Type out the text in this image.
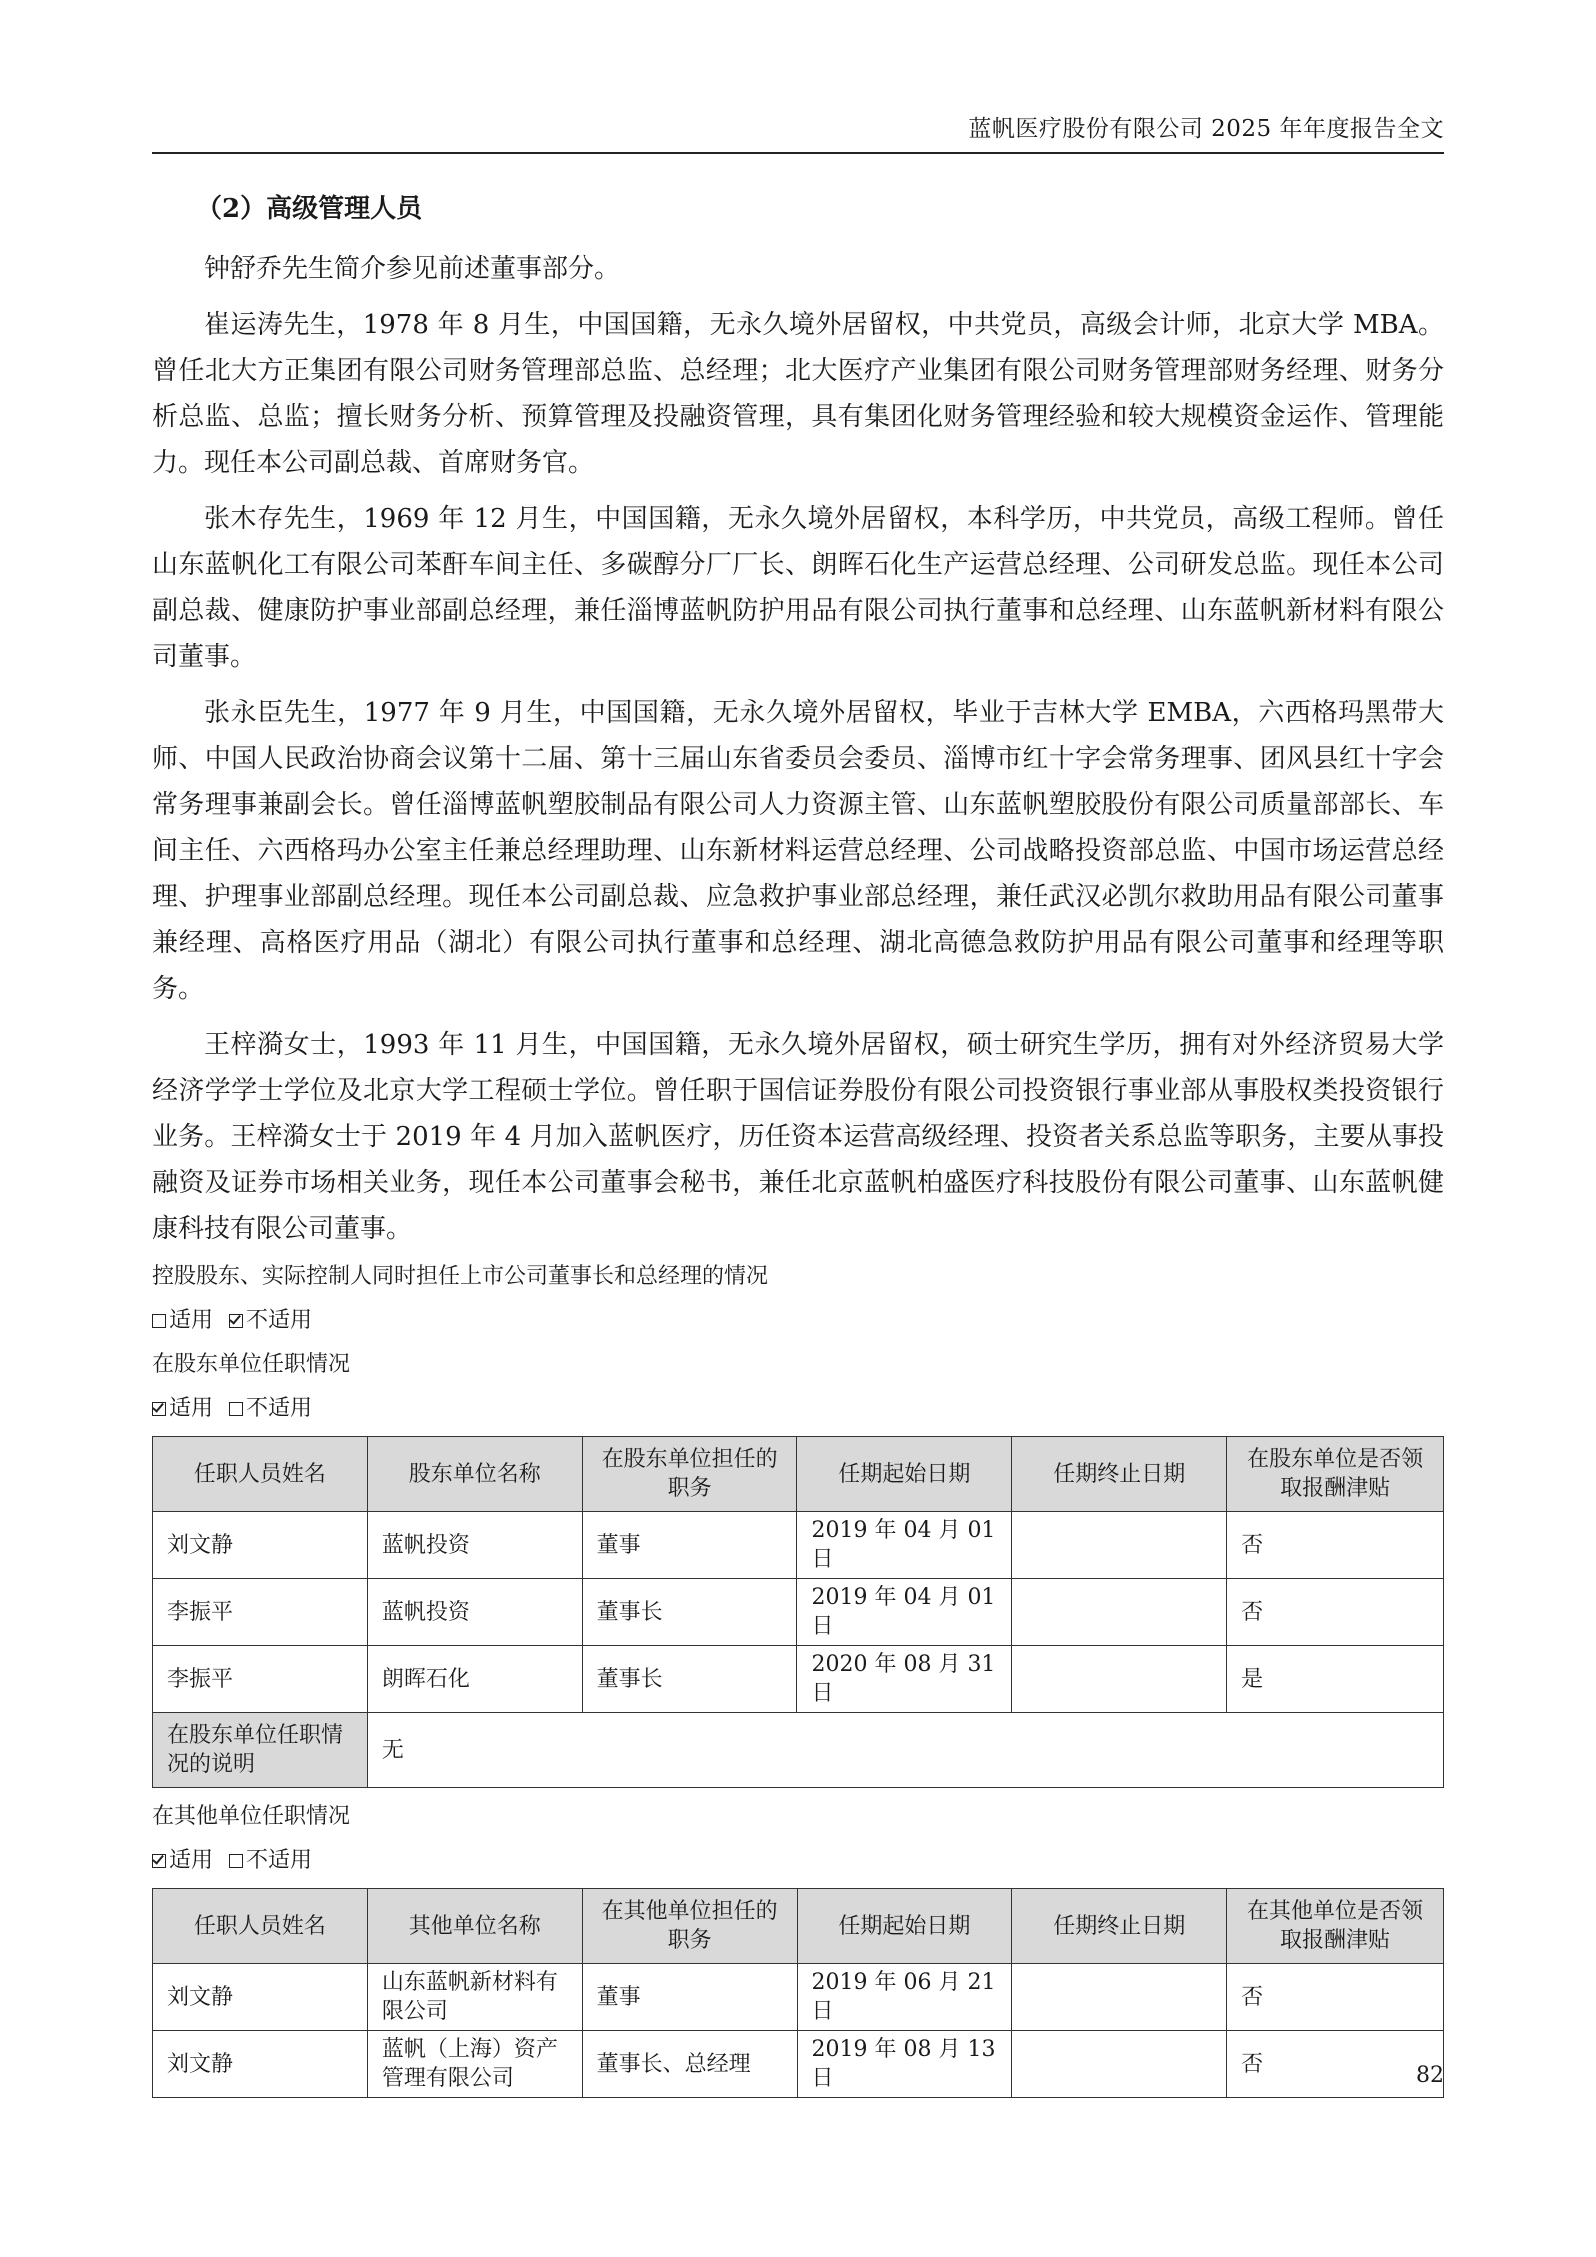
蓝帆医疗股份有限公司 2025 年年度报告全文
（2）高级管理人员

钟舒乔先生简介参见前述董事部分。

崔运涛先生，1978 年 8 月生，中国国籍，无永久境外居留权，中共党员，高级会计师，北京大学 MBA。曾任北大方正集团有限公司财务管理部总监、总经理；北大医疗产业集团有限公司财务管理部财务经理、财务分析总监、总监；擅长财务分析、预算管理及投融资管理，具有集团化财务管理经验和较大规模资金运作、管理能力。现任本公司副总裁、首席财务官。

张木存先生，1969 年 12 月生，中国国籍，无永久境外居留权，本科学历，中共党员，高级工程师。曾任山东蓝帆化工有限公司苯酐车间主任、多碳醇分厂厂长、朗晖石化生产运营总经理、公司研发总监。现任本公司副总裁、健康防护事业部副总经理，兼任淄博蓝帆防护用品有限公司执行董事和总经理、山东蓝帆新材料有限公司董事。

张永臣先生，1977 年 9 月生，中国国籍，无永久境外居留权，毕业于吉林大学 EMBA，六西格玛黑带大师、中国人民政治协商会议第十二届、第十三届山东省委员会委员、淄博市红十字会常务理事、团风县红十字会常务理事兼副会长。曾任淄博蓝帆塑胶制品有限公司人力资源主管、山东蓝帆塑胶股份有限公司质量部部长、车间主任、六西格玛办公室主任兼总经理助理、山东新材料运营总经理、公司战略投资部总监、中国市场运营总经理、护理事业部副总经理。现任本公司副总裁、应急救护事业部总经理，兼任武汉必凯尔救助用品有限公司董事兼经理、高格医疗用品（湖北）有限公司执行董事和总经理、湖北高德急救防护用品有限公司董事和经理等职务。

王梓漪女士，1993 年 11 月生，中国国籍，无永久境外居留权，硕士研究生学历，拥有对外经济贸易大学经济学学士学位及北京大学工程硕士学位。曾任职于国信证券股份有限公司投资银行事业部从事股权类投资银行业务。王梓漪女士于 2019 年 4 月加入蓝帆医疗，历任资本运营高级经理、投资者关系总监等职务，主要从事投融资及证券市场相关业务，现任本公司董事会秘书，兼任北京蓝帆柏盛医疗科技股份有限公司董事、山东蓝帆健康科技有限公司董事。

控股股东、实际控制人同时担任上市公司董事长和总经理的情况
适用 不适用
在股东单位任职情况
适用 不适用
任职人员姓名	股东单位名称	在股东单位担任的职务	任期起始日期	任期终止日期	在股东单位是否领取报酬津贴
刘文静	蓝帆投资	董事	2019 年 04 月 01 日		否
李振平	蓝帆投资	董事长	2019 年 04 月 01 日		否
李振平	朗晖石化	董事长	2020 年 08 月 31 日		是
在股东单位任职情况的说明	无				
在其他单位任职情况
适用 不适用
任职人员姓名	其他单位名称	在其他单位担任的职务	任期起始日期	任期终止日期	在其他单位是否领取报酬津贴
刘文静	山东蓝帆新材料有限公司	董事	2019 年 06 月 21 日		否
刘文静	蓝帆（上海）资产管理有限公司	董事长、总经理	2019 年 08 月 13 日		否	82
